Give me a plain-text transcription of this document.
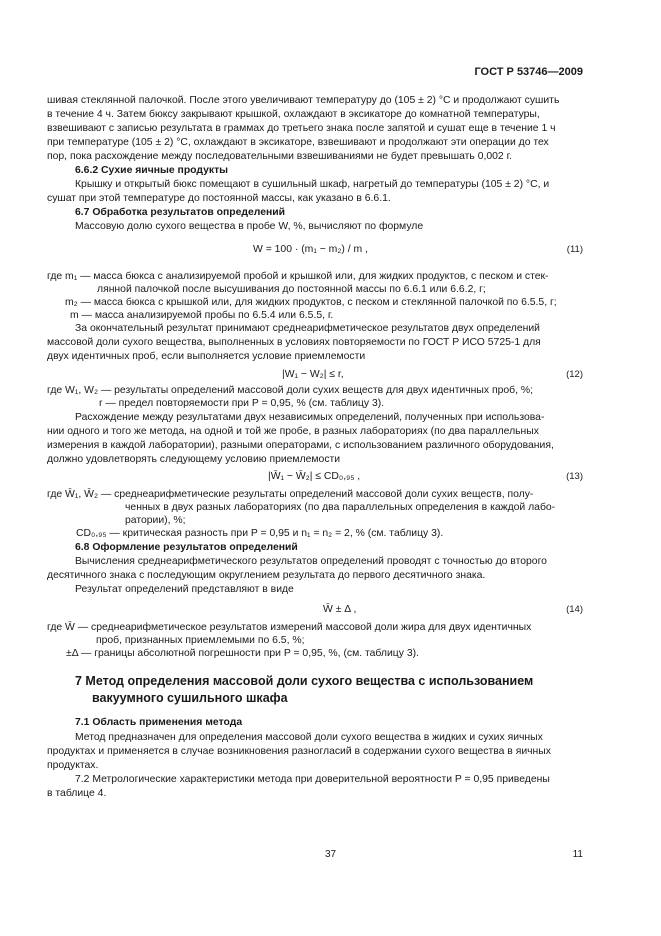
ГОСТ Р 53746—2009
шивая стеклянной палочкой. После этого увеличивают температуру до (105 ± 2) °С и продолжают сушить
в течение 4 ч. Затем бюксу закрывают крышкой, охлаждают в эксикаторе до комнатной температуры,
взвешивают с записью результата в граммах до третьего знака после запятой и сушат еще в течение 1 ч
при температуре (105 ± 2) °С, охлаждают в эксикаторе, взвешивают и продолжают эти операции до тех
пор, пока расхождение между последовательными взвешиваниями не будет превышать 0,002 г.
6.6.2 Сухие яичные продукты
Крышку и открытый бюкс помещают в сушильный шкаф, нагретый до температуры (105 ± 2) °С, и
сушат при этой температуре до постоянной массы, как указано в 6.6.1.
6.7 Обработка результатов определений
Массовую долю сухого вещества в пробе W, %, вычисляют по формуле
W = 100 · (m₁ − m₂) / m ,	(11)
где m₁ — масса бюкса с анализируемой пробой и крышкой или, для жидких продуктов, с песком и стек-
лянной палочкой после высушивания до постоянной массы по 6.6.1 или 6.6.2, г;
m₂ — масса бюкса с крышкой или, для жидких продуктов, с песком и стеклянной палочкой по 6.5.5, г;
m — масса анализируемой пробы по 6.5.4 или 6.5.5, г.
За окончательный результат принимают среднеарифметическое результатов двух определений
массовой доли сухого вещества, выполненных в условиях повторяемости по ГОСТ Р ИСО 5725-1 для
двух идентичных проб, если выполняется условие приемлемости
|W₁ − W₂| ≤ r,	(12)
где W₁, W₂ — результаты определений массовой доли сухих веществ для двух идентичных проб, %;
r — предел повторяемости при P = 0,95, % (см. таблицу 3).
Расхождение между результатами двух независимых определений, полученных при использова-
нии одного и того же метода, на одной и той же пробе, в разных лабораториях (по два параллельных
измерения в каждой лаборатории), разными операторами, с использованием различного оборудования,
должно удовлетворять следующему условию приемлемости
|W̄₁ − W̄₂| ≤ CD₀,₉₅ ,	(13)
где W̄₁, W̄₂ — среднеарифметические результаты определений массовой доли сухих веществ, полу-
ченных в двух разных лабораториях (по два параллельных определения в каждой лабо-
ратории), %;
CD₀,₉₅ — критическая разность при P = 0,95 и n₁ = n₂ = 2, % (см. таблицу 3).
6.8 Оформление результатов определений
Вычисления среднеарифметического результатов определений проводят с точностью до второго
десятичного знака с последующим округлением результата до первого десятичного знака.
Результат определений представляют в виде
W̄ ± Δ ,	(14)
где W̄ — среднеарифметическое результатов измерений массовой доли жира для двух идентичных
проб, признанных приемлемыми по 6.5, %;
±Δ — границы абсолютной погрешности при P = 0,95, %, (см. таблицу 3).
7 Метод определения массовой доли сухого вещества с использованием
вакуумного сушильного шкафа
7.1 Область применения метода
Метод предназначен для определения массовой доли сухого вещества в жидких и сухих яичных
продуктах и применяется в случае возникновения разногласий в содержании сухого вещества в яичных
продуктах.
7.2 Метрологические характеристики метода при доверительной вероятности P = 0,95 приведены
в таблице 4.
37	11
